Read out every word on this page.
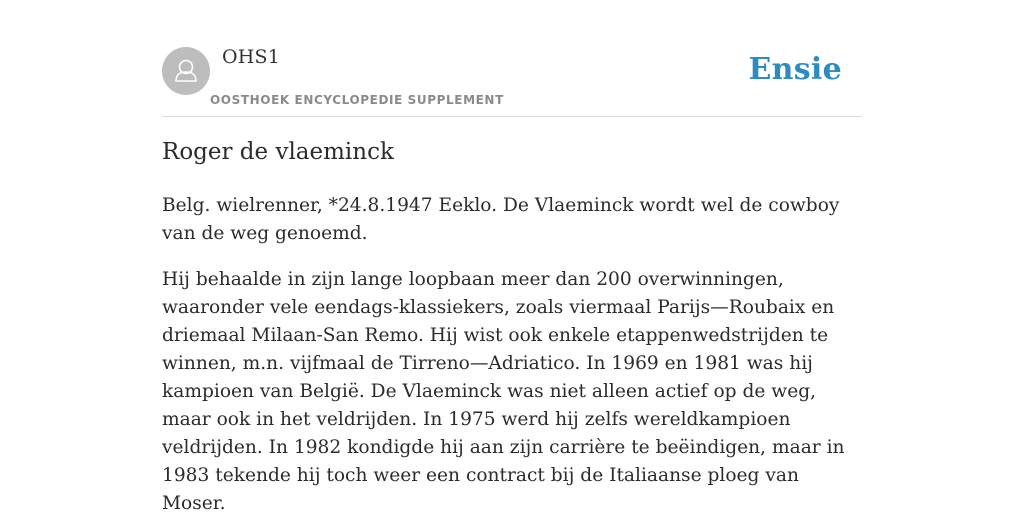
OHS1
OOSTHOEK ENCYCLOPEDIE SUPPLEMENT
Ensie
Roger de vlaeminck

Belg. wielrenner, *24.8.1947 Eeklo. De Vlaeminck wordt wel de cowboy van de weg genoemd.

Hij behaalde in zijn lange loopbaan meer dan 200 overwinningen, waaronder vele eendags-klassiekers, zoals viermaal Parijs—Roubaix en driemaal Milaan-San Remo. Hij wist ook enkele etappenwedstrijden te winnen, m.n. vijfmaal de Tirreno—Adriatico. In 1969 en 1981 was hij kampioen van België. De Vlaeminck was niet alleen actief op de weg, maar ook in het veldrijden. In 1975 werd hij zelfs wereldkampioen veldrijden. In 1982 kondigde hij aan zijn carrière te beëindigen, maar in 1983 tekende hij toch weer een contract bij de Italiaanse ploeg van Moser.
